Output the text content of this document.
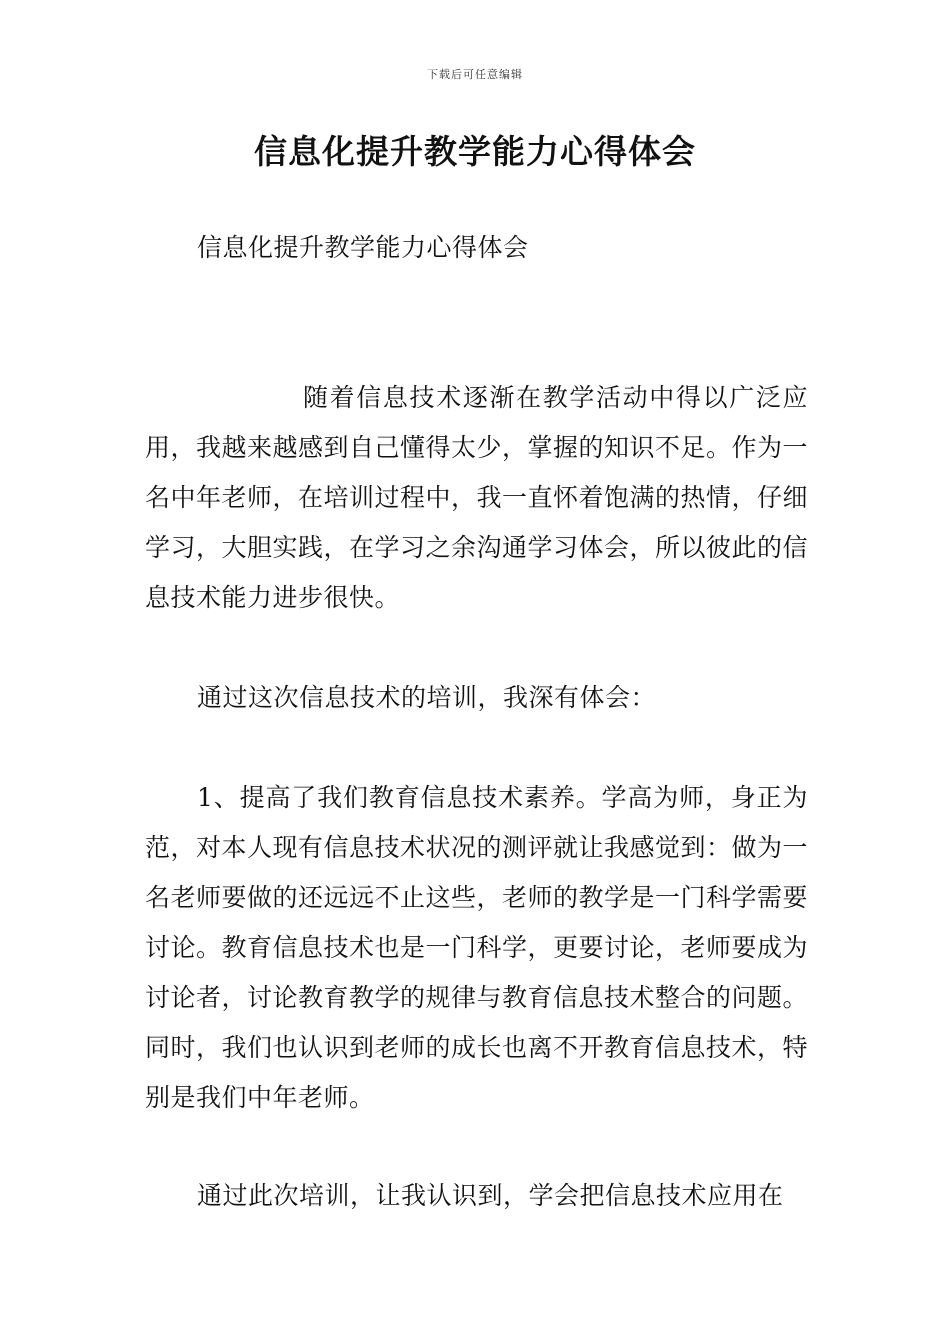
下载后可任意编辑
信息化提升教学能力心得体会

信息化提升教学能力心得体会

随着信息技术逐渐在教学活动中得以广泛应用，我越来越感到自己懂得太少，掌握的知识不足。作为一名中年老师，在培训过程中，我一直怀着饱满的热情，仔细学习，大胆实践，在学习之余沟通学习体会，所以彼此的信息技术能力进步很快。

通过这次信息技术的培训，我深有体会：

1、提高了我们教育信息技术素养。学高为师，身正为范，对本人现有信息技术状况的测评就让我感觉到：做为一名老师要做的还远远不止这些，老师的教学是一门科学需要讨论。教育信息技术也是一门科学，更要讨论，老师要成为讨论者，讨论教育教学的规律与教育信息技术整合的问题。同时，我们也认识到老师的成长也离不开教育信息技术，特别是我们中年老师。

通过此次培训，让我认识到，学会把信息技术应用在
